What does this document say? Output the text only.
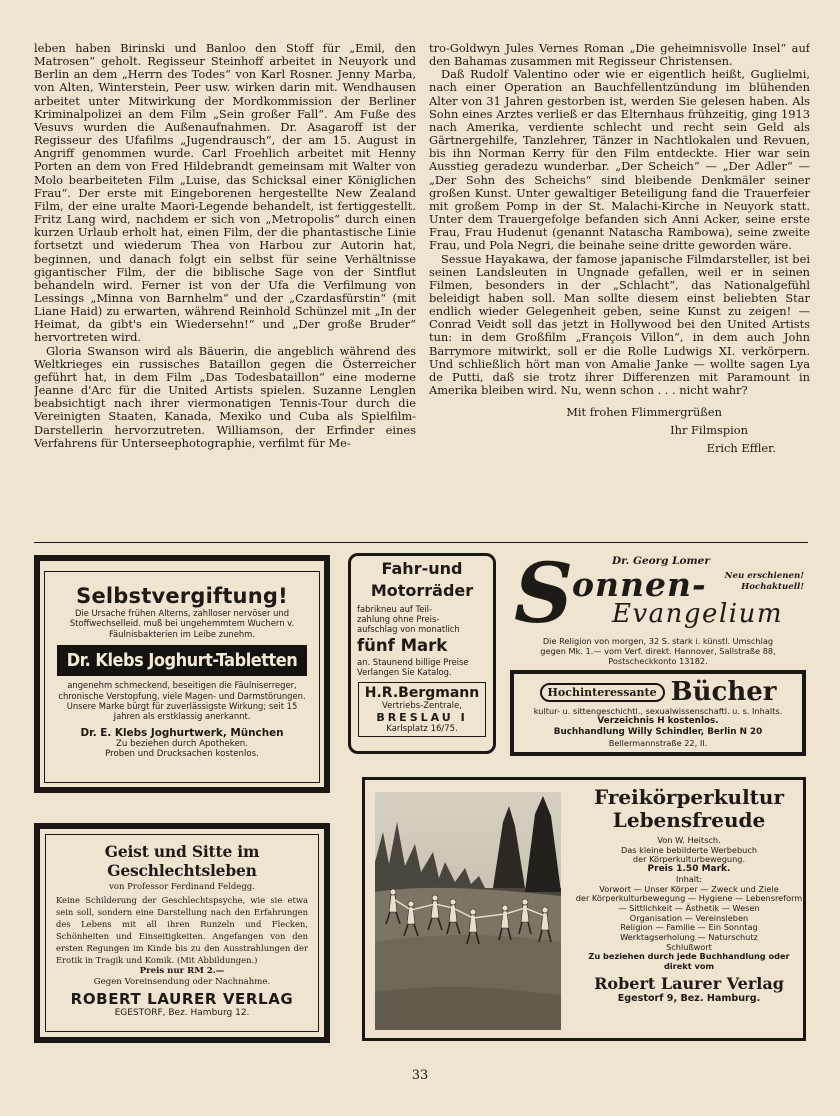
leben haben Birinski und Banloo den Stoff für „Emil, den Matrosen“ geholt. Regisseur Steinhoff arbeitet in Neuyork und Berlin an dem „Herrn des Todes“ von Karl Rosner. Jenny Marba, von Alten, Winterstein, Peer usw. wirken darin mit. Wendhausen arbeitet unter Mitwirkung der Mordkommission der Berliner Kriminalpolizei an dem Film „Sein großer Fall“. Am Fuße des Vesuvs wurden die Außenaufnahmen. Dr. Asagaroff ist der Regisseur des Ufafilms „Jugendrausch“, der am 15. August in Angriff genommen wurde. Carl Froehlich arbeitet mit Henny Porten an dem von Fred Hildebrandt gemeinsam mit Walter von Molo bearbeiteten Film „Luise, das Schicksal einer Königlichen Frau“. Der erste mit Eingeborenen hergestellte New Zealand Film, der eine uralte Maori-Legende behandelt, ist fertiggestellt. Fritz Lang wird, nachdem er sich von „Metropolis“ durch einen kurzen Urlaub erholt hat, einen Film, der die phantastische Linie fortsetzt und wiederum Thea von Harbou zur Autorin hat, beginnen, und danach folgt ein selbst für seine Verhältnisse gigantischer Film, der die biblische Sage von der Sintflut behandeln wird. Ferner ist von der Ufa die Verfilmung von Lessings „Minna von Barnhelm“ und der „Czardasfürstin“ (mit Liane Haid) zu erwarten, während Reinhold Schünzel mit „In der Heimat, da gibt's ein Wiedersehn!“ und „Der große Bruder“ hervortreten wird.

Gloria Swanson wird als Bäuerin, die angeblich während des Weltkrieges ein russisches Bataillon gegen die Österreicher geführt hat, in dem Film „Das Todesbataillon“ eine moderne Jeanne d'Arc für die United Artists spielen. Suzanne Lenglen beabsichtigt nach ihrer viermonatigen Tennis-Tour durch die Vereinigten Staaten, Kanada, Mexiko und Cuba als Spielfilm-Darstellerin hervorzutreten. Williamson, der Erfinder eines Verfahrens für Unterseephotographie, verfilmt für Me-

tro-Goldwyn Jules Vernes Roman „Die geheimnisvolle Insel“ auf den Bahamas zusammen mit Regisseur Christensen.

Daß Rudolf Valentino oder wie er eigentlich heißt, Guglielmi, nach einer Operation an Bauchfellentzündung im blühenden Alter von 31 Jahren gestorben ist, werden Sie gelesen haben. Als Sohn eines Arztes verließ er das Elternhaus frühzeitig, ging 1913 nach Amerika, verdiente schlecht und recht sein Geld als Gärtnergehilfe, Tanzlehrer, Tänzer in Nachtlokalen und Revuen, bis ihn Norman Kerry für den Film entdeckte. Hier war sein Ausstieg geradezu wunderbar. „Der Scheich“ — „Der Adler“ — „Der Sohn des Scheichs“ sind bleibende Denkmäler seiner großen Kunst. Unter gewaltiger Beteiligung fand die Trauerfeier mit großem Pomp in der St. Malachi-Kirche in Neuyork statt. Unter dem Trauergefolge befanden sich Anni Acker, seine erste Frau, Frau Hudenut (genannt Natascha Rambowa), seine zweite Frau, und Pola Negri, die beinahe seine dritte geworden wäre.

Sessue Hayakawa, der famose japanische Filmdarsteller, ist bei seinen Landsleuten in Ungnade gefallen, weil er in seinen Filmen, besonders in der „Schlacht“, das Nationalgefühl beleidigt haben soll. Man sollte diesem einst beliebten Star endlich wieder Gelegenheit geben, seine Kunst zu zeigen! — Conrad Veidt soll das jetzt in Hollywood bei den United Artists tun: in dem Großfilm „François Villon“, in dem auch John Barrymore mitwirkt, soll er die Rolle Ludwigs XI. verkörpern. Und schließlich hört man von Amalie Janke — wollte sagen Lya de Putti, daß sie trotz ihrer Differenzen mit Paramount in Amerika bleiben wird. Nu, wenn schon . . . nicht wahr?

Mit frohen Flimmergrüßen
Ihr Filmspion
Erich Effler.
Selbstvergiftung!
Die Ursache frühen Alterns, zahlloser nervöser und Stoffwechselleid. muß bei ungehemmtem Wuchern v. Fäulnisbakterien im Leibe zunehm.
Dr. Klebs Joghurt-Tabletten
angenehm schmeckend, beseitigen die Fäulniserreger, chronische Verstopfung, viele Magen- und Darmstörungen. Unsere Marke bürgt für zuverlässigste Wirkung; seit 15 Jahren als erstklassig anerkannt.
Dr. E. Klebs Joghurtwerk, München
Zu beziehen durch Apotheken.
Proben und Drucksachen kostenlos.
Fahr-und
Motorräder
fabrikneu auf Teil-
zahlung ohne Preis-
aufschlag von monatlich
fünf Mark
an. Staunend billige Preise
Verlangen Sie Katalog.
H.R.Bergmann
Vertriebs-Zentrale,
BRESLAU I
Karlsplatz 16/75.
Dr. Georg Lomer
S
onnen- Neu erschienen!
Hochaktuell!
Evangelium
Die Religion von morgen, 32 S. stark i. künstl. Umschlag
gegen Mk. 1.— vom Verf. direkt. Hannover, Sallstraße 88,
Postscheckkonto 13182.
Hochinteressante Bücher
kultur- u. sittengeschichtl., sexualwissenschaftl. u. s. Inhalts.
Verzeichnis H kostenlos.
Buchhandlung Willy Schindler, Berlin N 20
Bellermannstraße 22, II.
Geist und Sitte im Geschlechtsleben
von Professor Ferdinand Feldegg.
Keine Schilderung der Geschlechtspsyche, wie sie etwa sein soll, sondern eine Darstellung nach den Erfahrungen des Lebens mit all ihren Runzeln und Flecken, Schönheiten und Einseitigkeiten. Angefangen von den ersten Regungen im Kinde bis zu den Ausstrahlungen der Erotik in Tragik und Komik. (Mit Abbildungen.)
Preis nur RM 2.—
Gegen Voreinsendung oder Nachnahme.
ROBERT LAURER VERLAG
EGESTORF, Bez. Hamburg 12.
Freikörperkultur
Lebensfreude
Von W. Heitsch.
Das kleine bebilderte Werbebuch
der Körperkulturbewegung.
Preis 1.50 Mark.
Inhalt:
Vorwort — Unser Körper — Zweck und Ziele
der Körperkulturbewegung — Hygiene — Lebensreform — Sittlichkeit — Ästhetik — Wesen
Organisation — Vereinsleben
Religion — Familie — Ein Sonntag
Werktagserholung — Naturschutz
Schlußwort
Zu beziehen durch jede Buchhandlung oder
direkt vom
Robert Laurer Verlag
Egestorf 9, Bez. Hamburg.
33
